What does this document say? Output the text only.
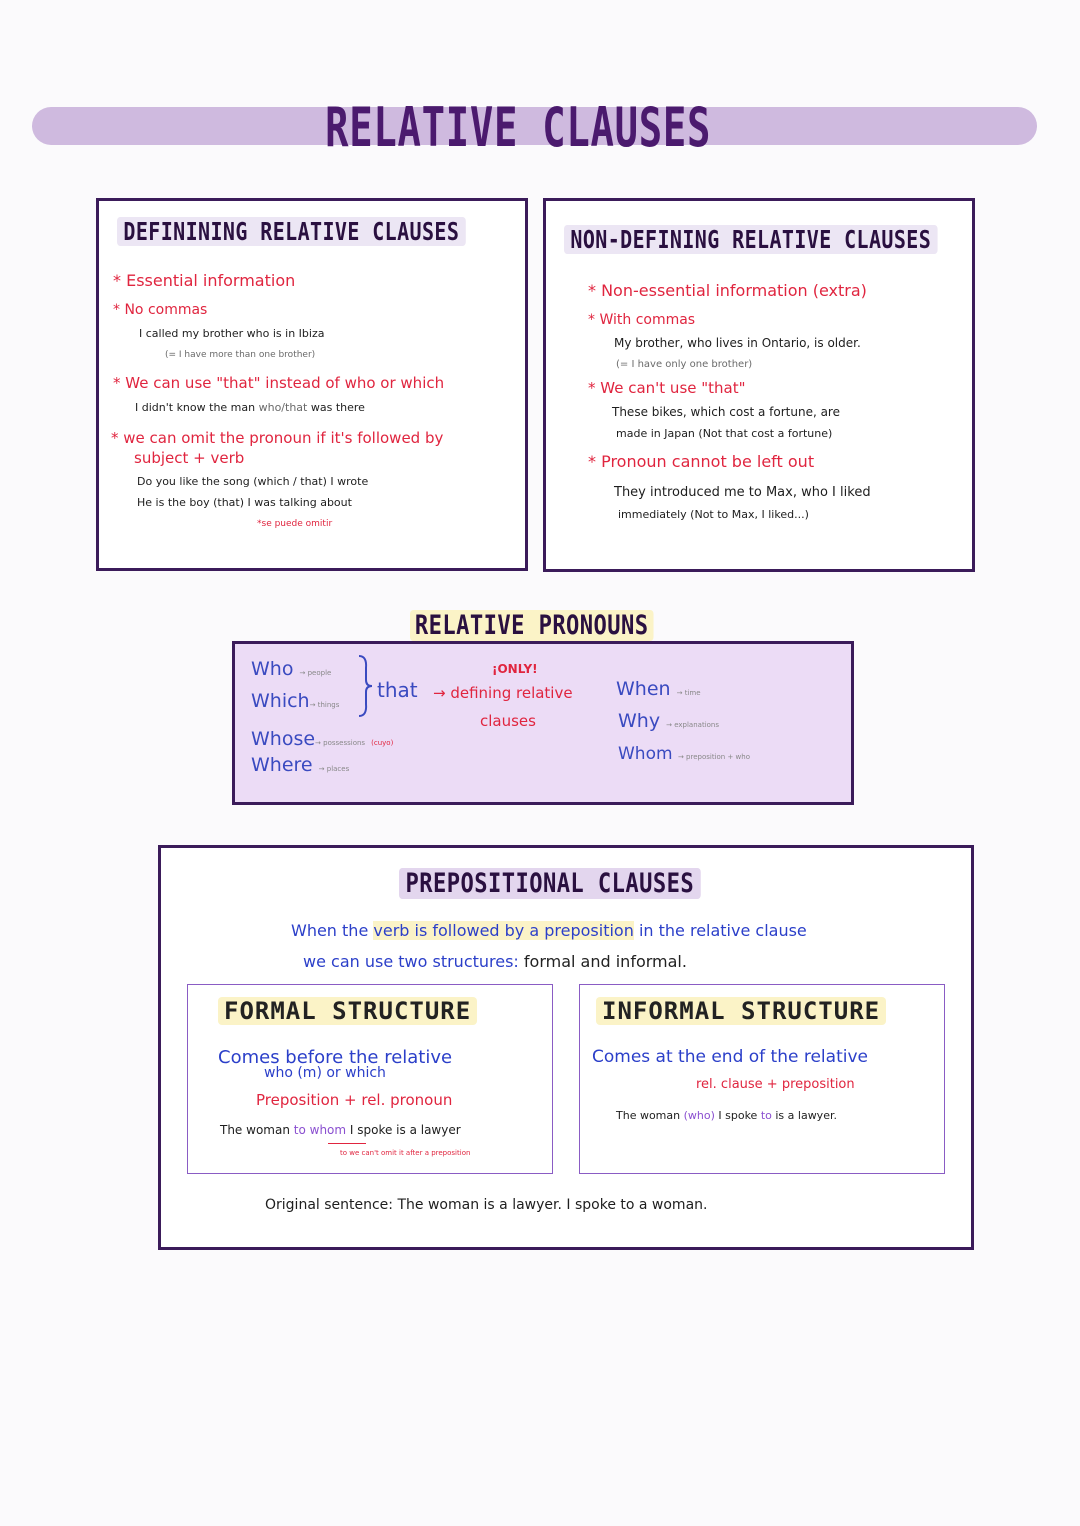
RELATIVE CLAUSES
DEFININING RELATIVE CLAUSES
* Essential information
* No commas
I called my brother who is in Ibiza
(= I have more than one brother)
* We can use "that" instead of who or which
I didn't know the man who/that was there
* we can omit the pronoun if it's followed by
subject + verb
Do you like the song (which / that) I wrote
He is the boy (that) I was talking about
*se puede omitir
NON-DEFINING RELATIVE CLAUSES
* Non-essential information (extra)
* With commas
My brother, who lives in Ontario, is older.
(= I have only one brother)
* We can't use "that"
These bikes, which cost a fortune, are
made in Japan (Not that cost a fortune)
* Pronoun cannot be left out
They introduced me to Max, who I liked
immediately (Not to Max, I liked...)
RELATIVE PRONOUNS
Who → people
Which→ things
that
¡ONLY!
→ defining relative
clauses
Whose→ possessions (cuyo)
Where → places
When → time
Why → explanations
Whom → preposition + who
PREPOSITIONAL CLAUSES
When the verb is followed by a preposition in the relative clause
we can use two structures: formal and informal.
FORMAL STRUCTURE
Comes before the relative
who (m) or which
Preposition + rel. pronoun
The woman to whom I spoke is a lawyer
to we can't omit it after a preposition
INFORMAL STRUCTURE
Comes at the end of the relative
rel. clause + preposition
The woman (who) I spoke to is a lawyer.
Original sentence: The woman is a lawyer. I spoke to a woman.
